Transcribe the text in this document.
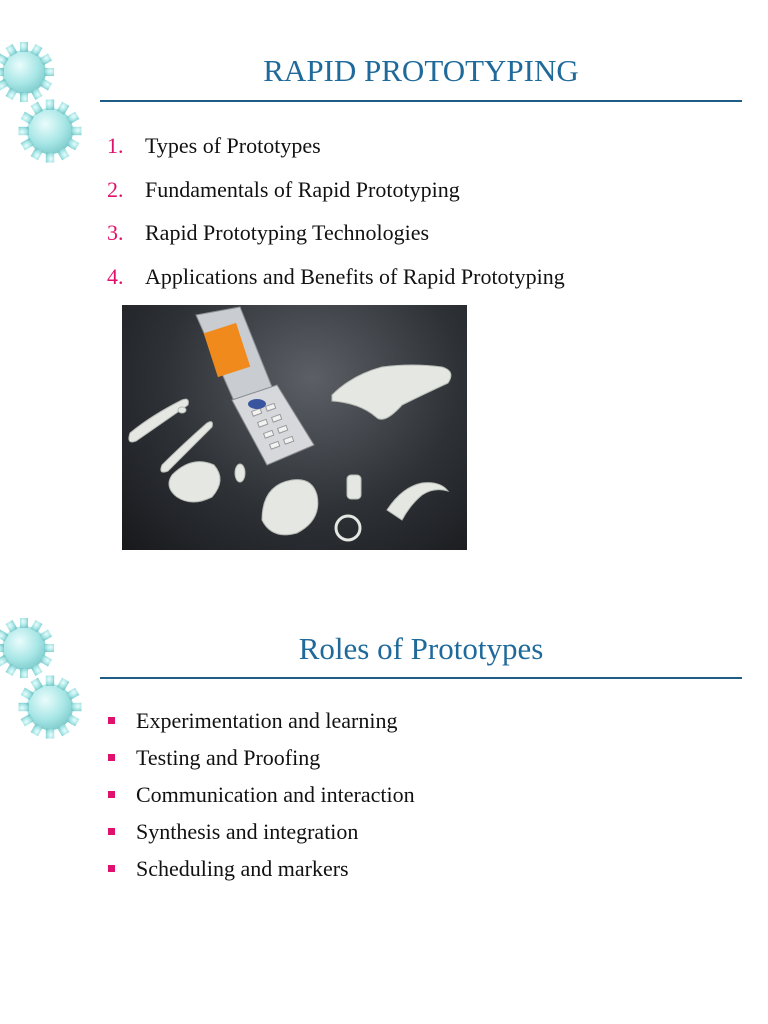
RAPID PROTOTYPING
1. Types of Prototypes
2. Fundamentals of Rapid Prototyping
3. Rapid Prototyping Technologies
4. Applications and Benefits of Rapid Prototyping
Roles of Prototypes
Experimentation and learning
Testing and Proofing
Communication and interaction
Synthesis and integration
Scheduling and markers
